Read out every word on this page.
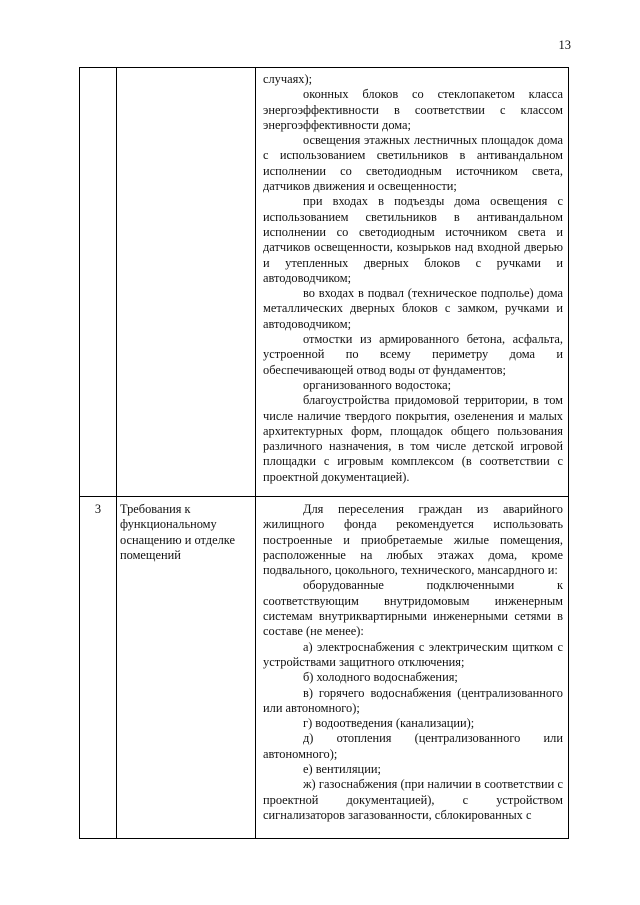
13

случаях);

оконных блоков со стеклопакетом класса энергоэффективности в соответствии с классом энергоэффективности дома;

освещения этажных лестничных площадок дома с использованием светильников в антивандальном исполнении со светодиодным источником света, датчиков движения и освещенности;

при входах в подъезды дома освещения с использованием светильников в антивандальном исполнении со светодиодным источником света и датчиков освещенности, козырьков над входной дверью и утепленных дверных блоков с ручками и автодоводчиком;

во входах в подвал (техническое подполье) дома металлических дверных блоков с замком, ручками и автодоводчиком;

отмостки из армированного бетона, асфальта, устроенной по всему периметру дома и обеспечивающей отвод воды от фундаментов;

организованного водостока;

благоустройства придомовой территории, в том числе наличие твердого покрытия, озеленения и малых архитектурных форм, площадок общего пользования различного назначения, в том числе детской игровой площадки с игровым комплексом (в соответствии с проектной документацией).

3	Требования к функциональному оснащению и отделке помещений

Для переселения граждан из аварийного жилищного фонда рекомендуется использовать построенные и приобретаемые жилые помещения, расположенные на любых этажах дома, кроме подвального, цокольного, технического, мансардного и:

оборудованные подключенными к соответствующим внутридомовым инженерным системам внутриквартирными инженерными сетями в составе (не менее):

а) электроснабжения с электрическим щитком с устройствами защитного отключения;

б) холодного водоснабжения;

в) горячего водоснабжения (централизованного или автономного);

г) водоотведения (канализации);

д) отопления (централизованного или автономного);

е) вентиляции;

ж) газоснабжения (при наличии в соответствии с проектной документацией), с устройством сигнализаторов загазованности, сблокированных с
